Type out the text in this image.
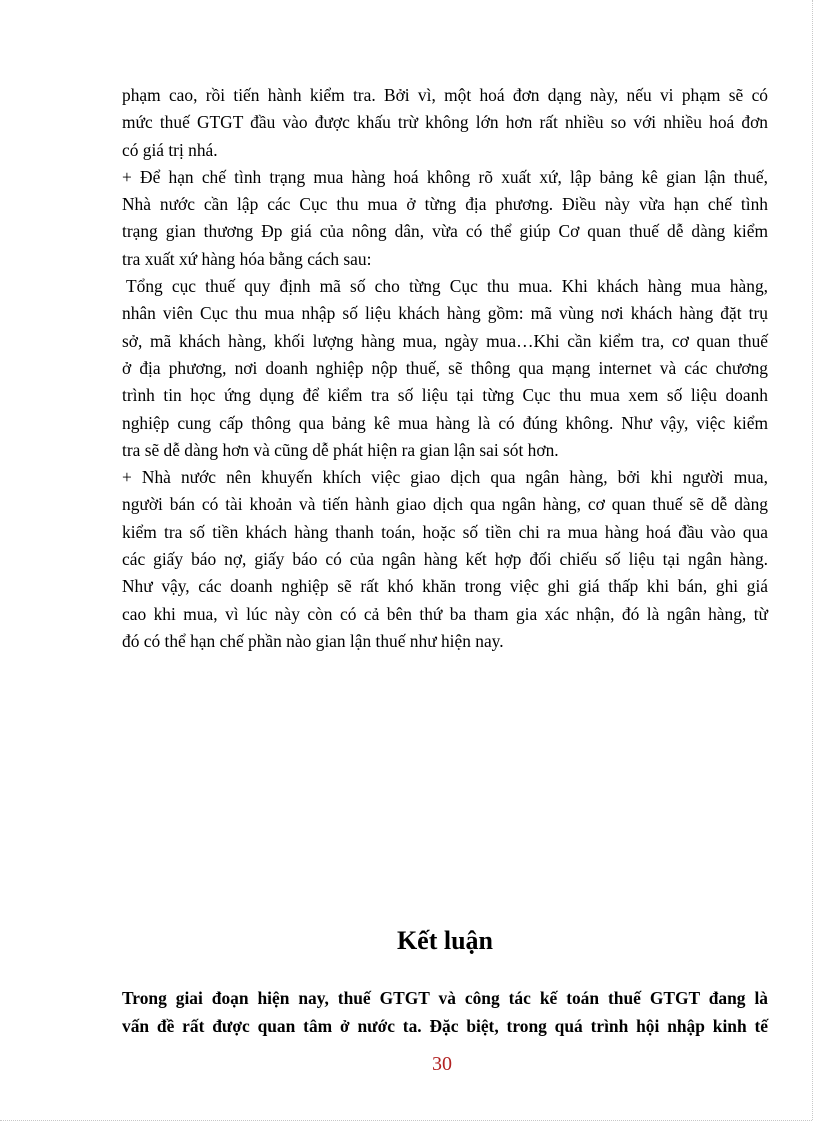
phạm cao, rồi tiến hành kiểm tra. Bởi vì, một hoá đơn dạng này, nếu vi phạm sẽ có
mức thuế GTGT đầu vào được khấu trừ không lớn hơn rất nhiều so với nhiều hoá đơn
có giá trị nhá.
+ Để hạn chế tình trạng mua hàng hoá không rõ xuất xứ, lập bảng kê gian lận thuế,
Nhà nước cần lập các Cục thu mua ở từng địa phương. Điều này vừa hạn chế tình
trạng gian thương Đp giá của nông dân, vừa có thể giúp Cơ quan thuế dễ dàng kiểm
tra xuất xứ hàng hóa bằng cách sau:
Tổng cục thuế quy định mã số cho từng Cục thu mua. Khi khách hàng mua hàng,
nhân viên Cục thu mua nhập số liệu khách hàng gồm: mã vùng nơi khách hàng đặt trụ
sở, mã khách hàng, khối lượng hàng mua, ngày mua…Khi cần kiểm tra, cơ quan thuế
ở địa phương, nơi doanh nghiệp nộp thuế, sẽ thông qua mạng internet và các chương
trình tin học ứng dụng để kiểm tra số liệu tại từng Cục thu mua xem số liệu doanh
nghiệp cung cấp thông qua bảng kê mua hàng là có đúng không. Như vậy, việc kiểm
tra sẽ dễ dàng hơn và cũng dễ phát hiện ra gian lận sai sót hơn.
+ Nhà nước nên khuyến khích việc giao dịch qua ngân hàng, bởi khi người mua,
người bán có tài khoản và tiến hành giao dịch qua ngân hàng, cơ quan thuế sẽ dễ dàng
kiểm tra số tiền khách hàng thanh toán, hoặc số tiền chi ra mua hàng hoá đầu vào qua
các giấy báo nợ, giấy báo có của ngân hàng kết hợp đối chiếu số liệu tại ngân hàng.
Như vậy, các doanh nghiệp sẽ rất khó khăn trong việc ghi giá thấp khi bán, ghi giá
cao khi mua, vì lúc này còn có cả bên thứ ba tham gia xác nhận, đó là ngân hàng, từ
đó có thể hạn chế phần nào gian lận thuế như hiện nay.
Kết luận
Trong giai đoạn hiện nay, thuế GTGT và công tác kế toán thuế GTGT đang là
vấn đề rất được quan tâm ở nước ta. Đặc biệt, trong quá trình hội nhập kinh tế
30
